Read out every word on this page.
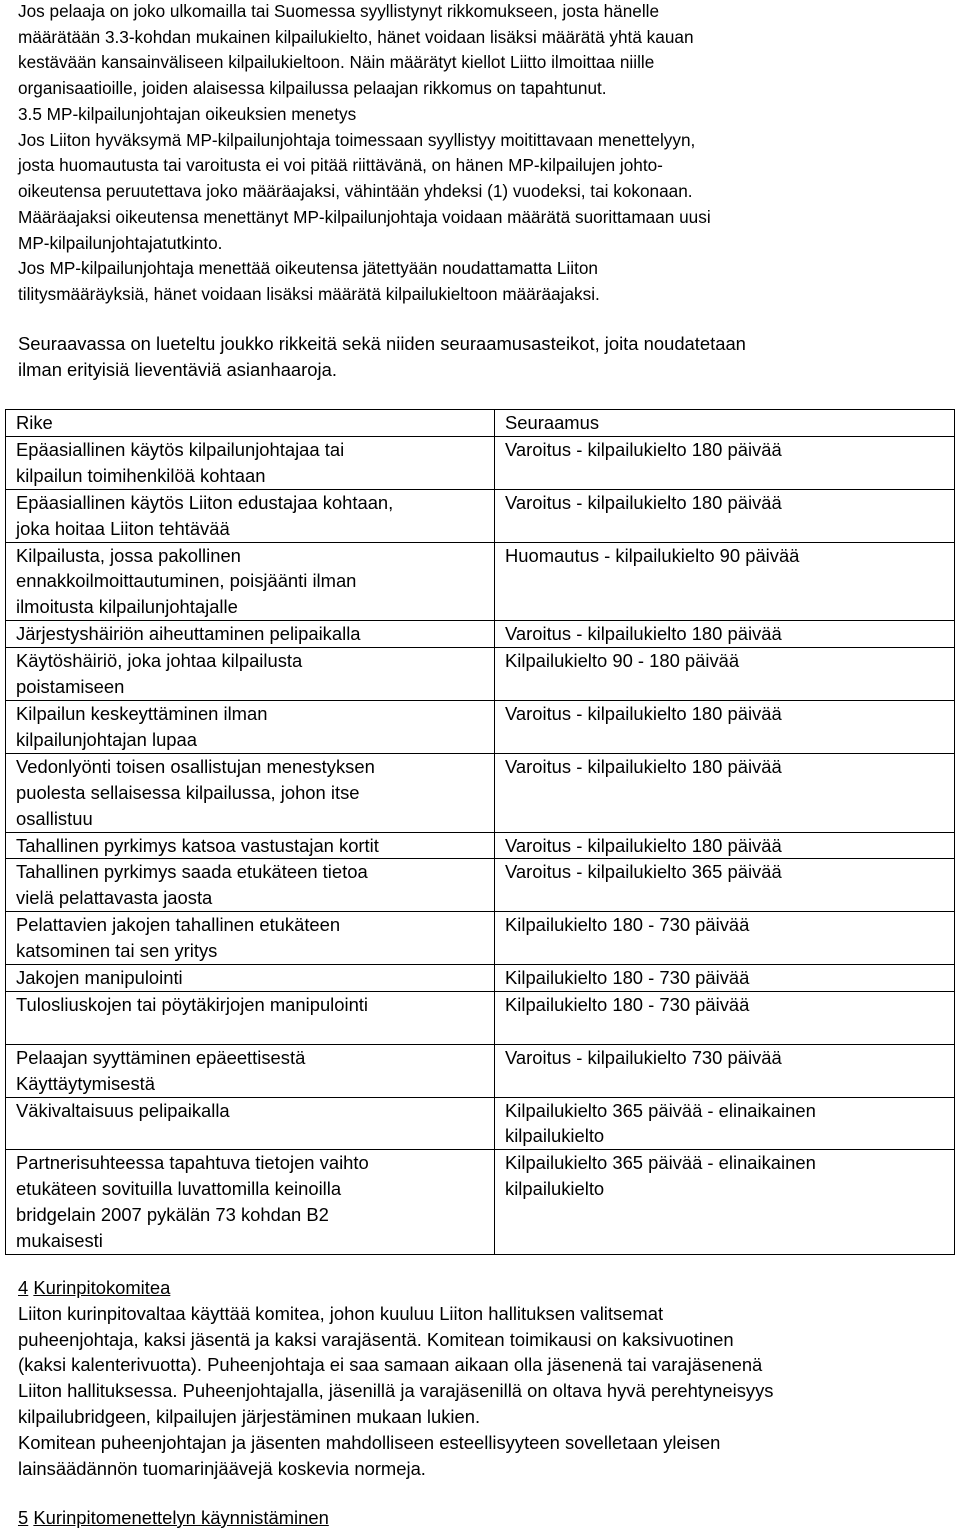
Jos pelaaja on joko ulkomailla tai Suomessa syyllistynyt rikkomukseen, josta hänelle
määrätään 3.3-kohdan mukainen kilpailukielto, hänet voidaan lisäksi määrätä yhtä kauan
kestävään kansainväliseen kilpailukieltoon. Näin määrätyt kiellot Liitto ilmoittaa niille
organisaatioille, joiden alaisessa kilpailussa pelaajan rikkomus on tapahtunut.
3.5 MP-kilpailunjohtajan oikeuksien menetys
Jos Liiton hyväksymä MP-kilpailunjohtaja toimessaan syyllistyy moitittavaan menettelyyn,
josta huomautusta tai varoitusta ei voi pitää riittävänä, on hänen MP-kilpailujen johto-
oikeutensa peruutettava joko määräajaksi, vähintään yhdeksi (1) vuodeksi, tai kokonaan.
Määräajaksi oikeutensa menettänyt MP-kilpailunjohtaja voidaan määrätä suorittamaan uusi
MP-kilpailunjohtajatutkinto.
Jos MP-kilpailunjohtaja menettää oikeutensa jätettyään noudattamatta Liiton
tilitysmääräyksiä, hänet voidaan lisäksi määrätä kilpailukieltoon määräajaksi.
Seuraavassa on lueteltu joukko rikkeitä sekä niiden seuraamusasteikot, joita noudatetaan
ilman erityisiä lieventäviä asianhaaroja.
Rike	Seuraamus

Epäasiallinen käytös kilpailunjohtajaa tai
kilpailun toimihenkilöä kohtaan	Varoitus - kilpailukielto 180 päivää

Epäasiallinen käytös Liiton edustajaa kohtaan,
joka hoitaa Liiton tehtävää	Varoitus - kilpailukielto 180 päivää

Kilpailusta, jossa pakollinen
ennakkoilmoittautuminen, poisjäänti ilman
ilmoitusta kilpailunjohtajalle	Huomautus - kilpailukielto 90 päivää

Järjestyshäiriön aiheuttaminen pelipaikalla	Varoitus - kilpailukielto 180 päivää

Käytöshäiriö, joka johtaa kilpailusta
poistamiseen	Kilpailukielto 90 - 180 päivää

Kilpailun keskeyttäminen ilman
kilpailunjohtajan lupaa	Varoitus - kilpailukielto 180 päivää

Vedonlyönti toisen osallistujan menestyksen
puolesta sellaisessa kilpailussa, johon itse
osallistuu	Varoitus - kilpailukielto 180 päivää

Tahallinen pyrkimys katsoa vastustajan kortit	Varoitus - kilpailukielto 180 päivää

Tahallinen pyrkimys saada etukäteen tietoa
vielä pelattavasta jaosta	Varoitus - kilpailukielto 365 päivää

Pelattavien jakojen tahallinen etukäteen
katsominen tai sen yritys	Kilpailukielto 180 - 730 päivää

Jakojen manipulointi	Kilpailukielto 180 - 730 päivää

Tulosliuskojen tai pöytäkirjojen manipulointi	Kilpailukielto 180 - 730 päivää

Pelaajan syyttäminen epäeettisestä
Käyttäytymisestä	Varoitus - kilpailukielto 730 päivää

Väkivaltaisuus pelipaikalla	Kilpailukielto 365 päivää - elinaikainen
kilpailukielto

Partnerisuhteessa tapahtuva tietojen vaihto
etukäteen sovituilla luvattomilla keinoilla
bridgelain 2007 pykälän 73 kohdan B2
mukaisesti	Kilpailukielto 365 päivää - elinaikainen
kilpailukielto
4 Kurinpitokomitea
Liiton kurinpitovaltaa käyttää komitea, johon kuuluu Liiton hallituksen valitsemat
puheenjohtaja, kaksi jäsentä ja kaksi varajäsentä. Komitean toimikausi on kaksivuotinen
(kaksi kalenterivuotta). Puheenjohtaja ei saa samaan aikaan olla jäsenenä tai varajäsenenä
Liiton hallituksessa. Puheenjohtajalla, jäsenillä ja varajäsenillä on oltava hyvä perehtyneisyys
kilpailubridgeen, kilpailujen järjestäminen mukaan lukien.
Komitean puheenjohtajan ja jäsenten mahdolliseen esteellisyyteen sovelletaan yleisen
lainsäädännön tuomarinjäävejä koskevia normeja.
5 Kurinpitomenettelyn käynnistäminen
